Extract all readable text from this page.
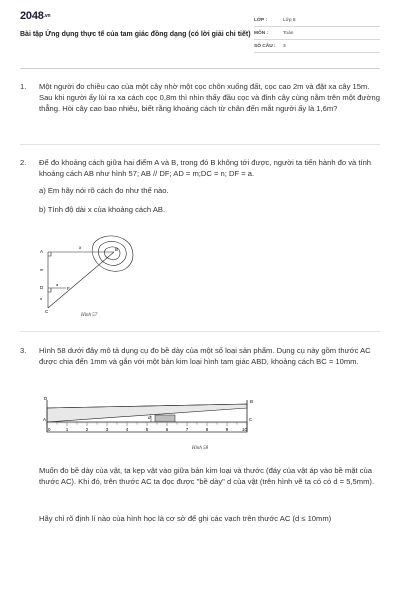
2048.vn
Bài tập Ứng dụng thực tế của tam giác đồng dạng (có lời giải chi tiết)
LỚP :	Lớp 8
MÔN :	Toán
SỐ CÂU :	3
1.	Một người đo chiều cao của một cây nhờ một cọc chôn xuống đất, cọc cao 2m và đặt xa cây 15m. Sau khi người ấy lùi ra xa cách cọc 0,8m thì nhìn thấy đầu cọc và đỉnh cây cùng nằm trên một đường thẳng. Hỏi cây cao bao nhiêu, biết rằng khoảng cách từ chân đến mắt người ấy là 1,6m?
2.	Để đo khoảng cách giữa hai điểm A và B, trong đó B không tới được, người ta tiến hành đo và tính khoảng cách AB như hình 57; AB // DF; AD = m;DC = n; DF = a.
a) Em hãy nói rõ cách đo như thế nào.
b) Tính độ dài x của khoảng cách AB.
A	B
x
m
D
a
F
n
C
Hình 57
3.	Hình 58 dưới đây mô tả dụng cụ đo bề dày của một số loại sản phẩm. Dụng cụ này gồm thước AC được chia đến 1mm và gắn với một bản kim loại hình tam giác ABD, khoảng cách BC = 10mm.
0	1	2	3	4	5	6	7	8	9	10
D
B
A	C
d
Hình 58
Muốn đo bề dày của vật, ta kẹp vật vào giữa bản kim loại và thước (đáy của vật áp vào bề mặt của thước AC). Khi đó, trên thước AC ta đọc được "bề dày" d của vật (trên hình vẽ ta có có d = 5,5mm).
Hãy chỉ rõ định lí nào của hình học là cơ sở để ghi các vạch trên thước AC (d ≤ 10mm)
